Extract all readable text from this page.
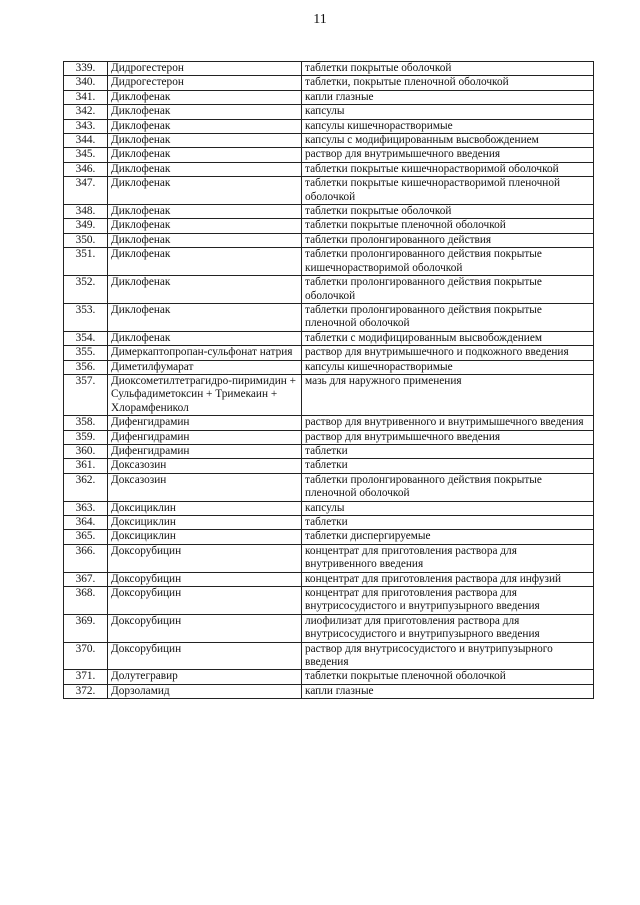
11
339.	Дидрогестерон	таблетки покрытые оболочкой
340.	Дидрогестерон	таблетки, покрытые пленочной оболочкой
341.	Диклофенак	капли глазные
342.	Диклофенак	капсулы
343.	Диклофенак	капсулы кишечнорастворимые
344.	Диклофенак	капсулы с модифицированным высвобождением
345.	Диклофенак	раствор для внутримышечного введения
346.	Диклофенак	таблетки покрытые кишечнорастворимой оболочкой
347.	Диклофенак	таблетки покрытые кишечнорастворимой пленочной оболочкой
348.	Диклофенак	таблетки покрытые оболочкой
349.	Диклофенак	таблетки покрытые пленочной оболочкой
350.	Диклофенак	таблетки пролонгированного действия
351.	Диклофенак	таблетки пролонгированного действия покрытые кишечнорастворимой оболочкой
352.	Диклофенак	таблетки пролонгированного действия покрытые оболочкой
353.	Диклофенак	таблетки пролонгированного действия покрытые пленочной оболочкой
354.	Диклофенак	таблетки с модифицированным высвобождением
355.	Димеркаптопропан-сульфонат натрия	раствор для внутримышечного и подкожного введения
356.	Диметилфумарат	капсулы кишечнорастворимые
357.	Диоксометилтетрагидро-пиримидин + Сульфадиметоксин + Тримекаин + Хлорамфеникол	мазь для наружного применения
358.	Дифенгидрамин	раствор для внутривенного и внутримышечного введения
359.	Дифенгидрамин	раствор для внутримышечного введения
360.	Дифенгидрамин	таблетки
361.	Доксазозин	таблетки
362.	Доксазозин	таблетки пролонгированного действия покрытые пленочной оболочкой
363.	Доксициклин	капсулы
364.	Доксициклин	таблетки
365.	Доксициклин	таблетки диспергируемые
366.	Доксорубицин	концентрат для приготовления раствора для внутривенного введения
367.	Доксорубицин	концентрат для приготовления раствора для инфузий
368.	Доксорубицин	концентрат для приготовления раствора для внутрисосудистого и внутрипузырного введения
369.	Доксорубицин	лиофилизат для приготовления раствора для внутрисосудистого и внутрипузырного введения
370.	Доксорубицин	раствор для внутрисосудистого и внутрипузырного введения
371.	Долутегравир	таблетки покрытые пленочной оболочкой
372.	Дорзоламид	капли глазные
